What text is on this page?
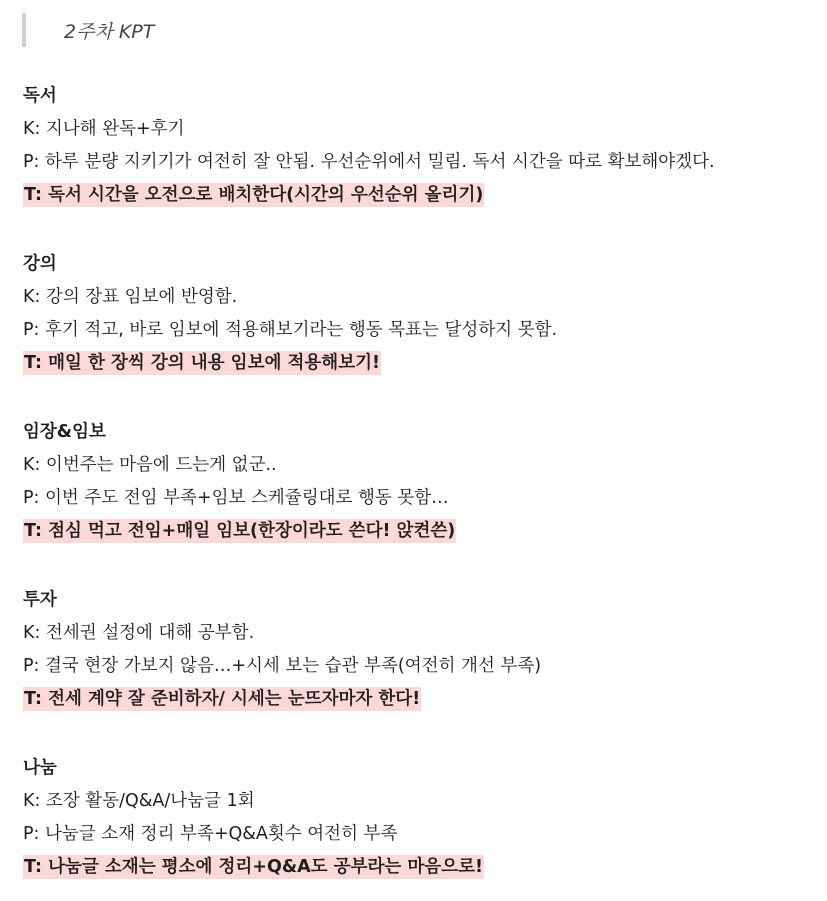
2주차 KPT
독서
K: 지나해 완독+후기
P: 하루 분량 지키기가 여전히 잘 안됨. 우선순위에서 밀림. 독서 시간을 따로 확보해야겠다.
T: 독서 시간을 오전으로 배치한다(시간의 우선순위 올리기)
강의
K: 강의 장표 임보에 반영함.
P: 후기 적고, 바로 임보에 적용해보기라는 행동 목표는 달성하지 못함.
T: 매일 한 장씩 강의 내용 임보에 적용해보기!
임장&임보
K: 이번주는 마음에 드는게 없군..
P: 이번 주도 전임 부족+임보 스케쥴링대로 행동 못함…
T: 점심 먹고 전임+매일 임보(한장이라도 쓴다! 앉켠쓴)
투자
K: 전세권 설정에 대해 공부함.
P: 결국 현장 가보지 않음…+시세 보는 습관 부족(여전히 개선 부족)
T: 전세 계약 잘 준비하자/ 시세는 눈뜨자마자 한다!
나눔
K: 조장 활동/Q&A/나눔글 1회
P: 나눔글 소재 정리 부족+Q&A횟수 여전히 부족
T: 나눔글 소재는 평소에 정리+Q&A도 공부라는 마음으로!
